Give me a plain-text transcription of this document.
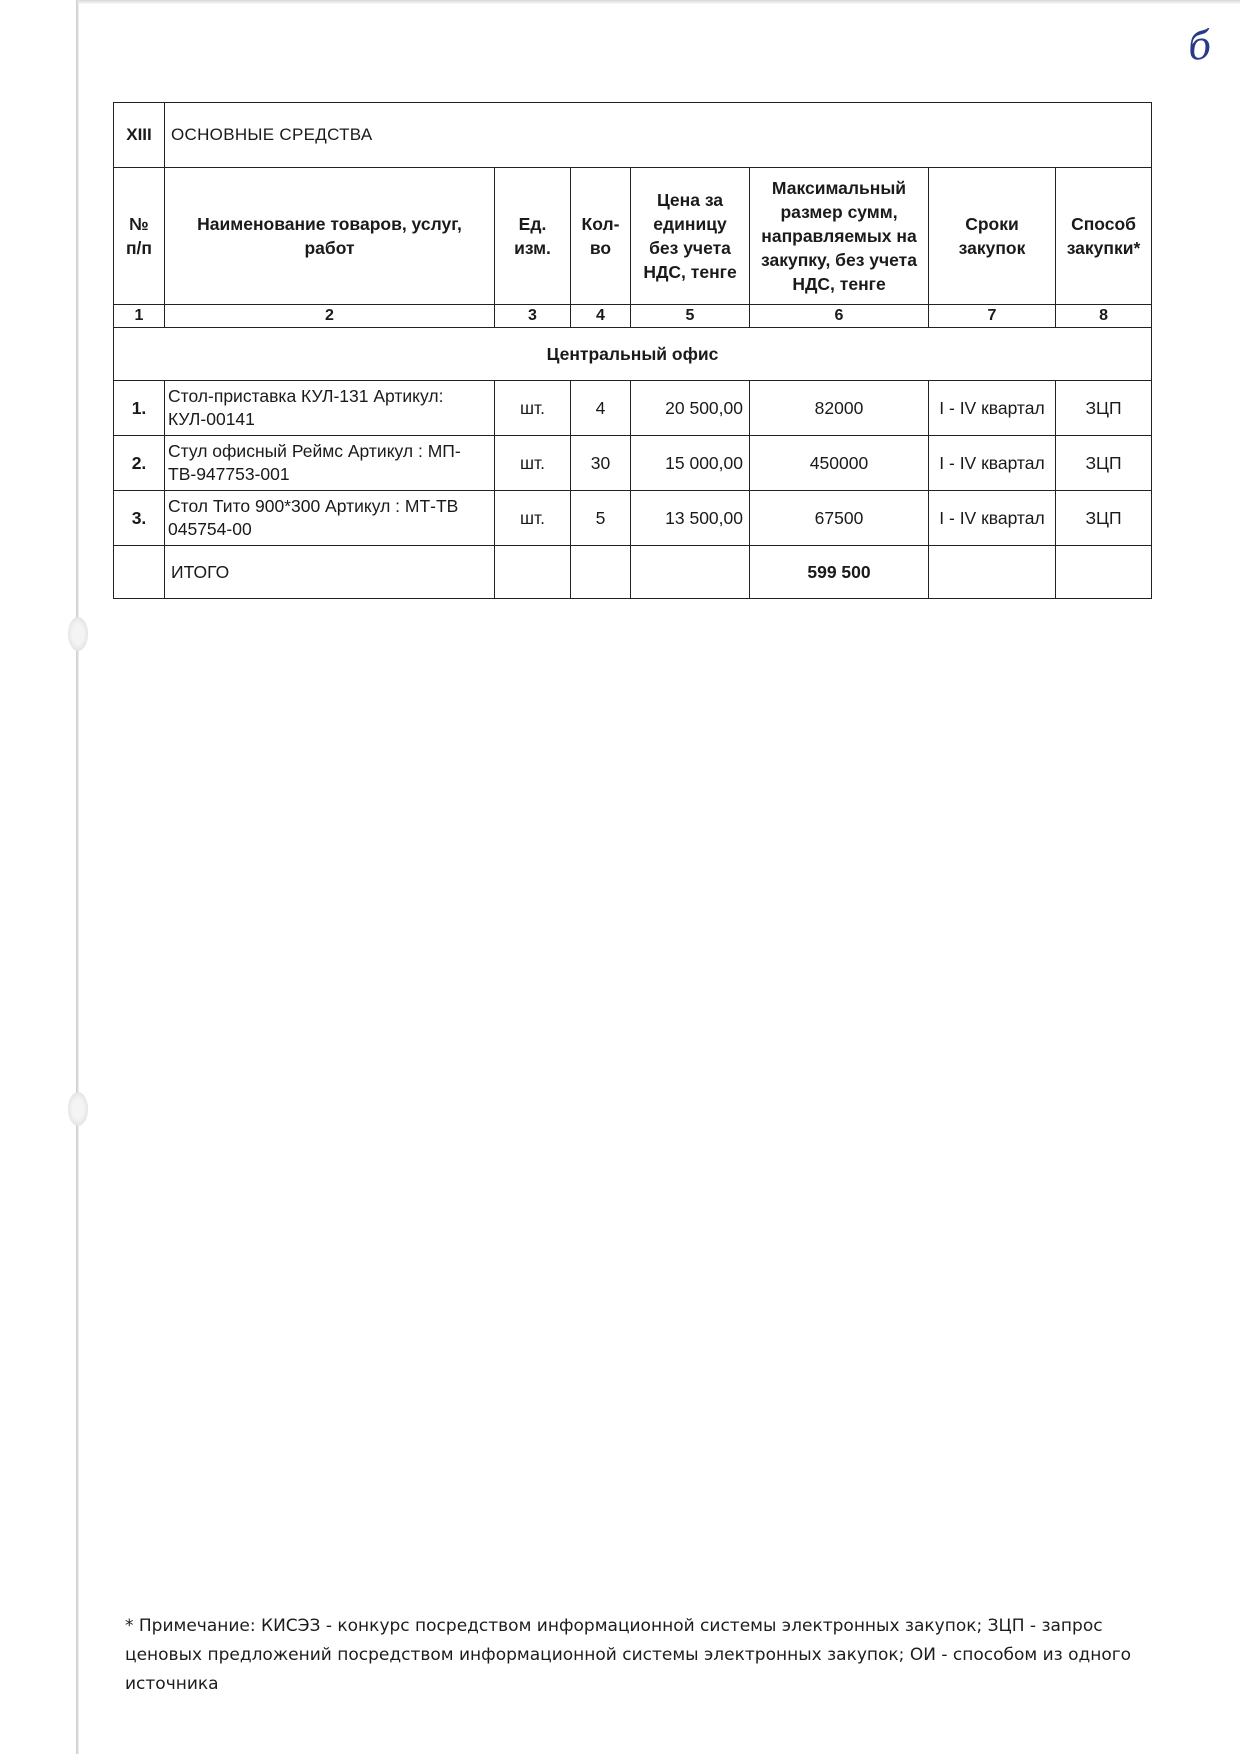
б
XIII	ОСНОВНЫЕ СРЕДСТВА						
№ п/п	Наименование товаров, услуг, работ	Ед. изм.	Кол-во	Цена за единицу без учета НДС, тенге	Максимальный размер сумм, направляемых на закупку, без учета НДС, тенге	Сроки закупок	Способ закупки*
1	2	3	4	5	6	7	8
Центральный офис							
1.	Стол-приставка КУЛ-131 Артикул: КУЛ-00141	шт.	4	20 500,00	82000	I - IV квартал	ЗЦП
2.	Стул офисный Реймс Артикул : МП-ТВ-947753-001	шт.	30	15 000,00	450000	I - IV квартал	ЗЦП
3.	Стол Тито 900*300 Артикул : МТ-ТВ 045754-00	шт.	5	13 500,00	67500	I - IV квартал	ЗЦП
	ИТОГО				599 500		
* Примечание: КИСЭЗ - конкурс посредством информационной системы электронных закупок; ЗЦП - запрос ценовых предложений посредством информационной системы электронных закупок; ОИ - способом из одного источника
